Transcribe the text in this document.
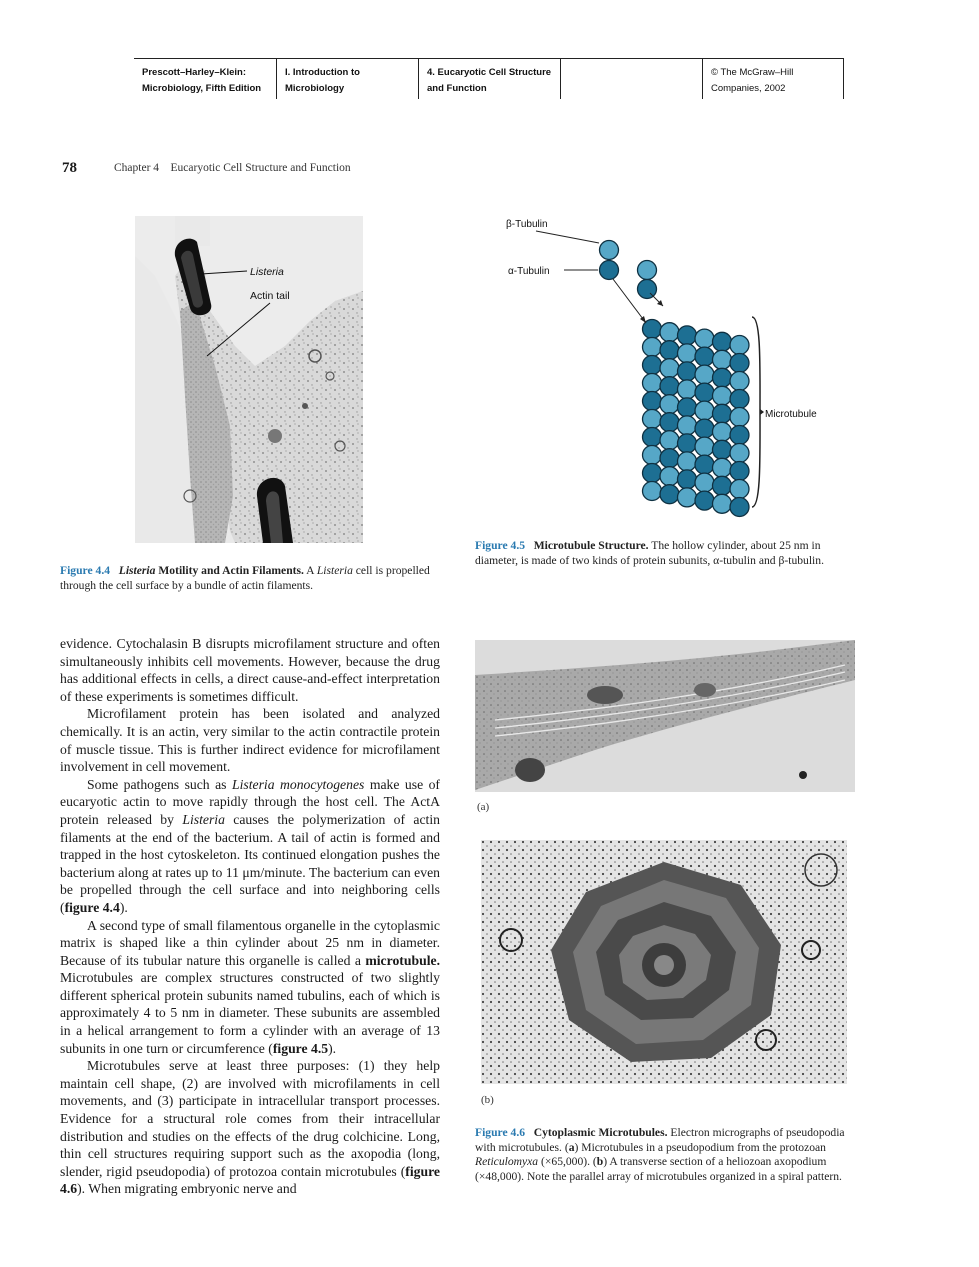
Prescott–Harley–Klein:
Microbiology, Fifth Edition
I. Introduction to
Microbiology
4. Eucaryotic Cell Structure
and Function
© The McGraw–Hill
Companies, 2002
78	Chapter 4    Eucaryotic Cell Structure and Function
Listeria
Actin tail

Figure 4.4 Listeria Motility and Actin Filaments. A Listeria cell is propelled through the cell surface by a bundle of actin filaments.

β-Tubulin
α-Tubulin
Microtubule

Figure 4.5 Microtubule Structure. The hollow cylinder, about 25 nm in diameter, is made of two kinds of protein subunits, α-tubulin and β-tubulin.

(a)
(b)

Figure 4.6 Cytoplasmic Microtubules. Electron micrographs of pseudopodia with microtubules. (a) Microtubules in a pseudopodium from the protozoan Reticulomyxa (×65,000). (b) A transverse section of a heliozoan axopodium (×48,000). Note the parallel array of microtubules organized in a spiral pattern.

evidence. Cytochalasin B disrupts microfilament structure and often simultaneously inhibits cell movements. However, because the drug has additional effects in cells, a direct cause-and-effect interpretation of these experiments is sometimes difficult.

Microfilament protein has been isolated and analyzed chemically. It is an actin, very similar to the actin contractile protein of muscle tissue. This is further indirect evidence for microfilament involvement in cell movement.

Some pathogens such as Listeria monocytogenes make use of eucaryotic actin to move rapidly through the host cell. The ActA protein released by Listeria causes the polymerization of actin filaments at the end of the bacterium. A tail of actin is formed and trapped in the host cytoskeleton. Its continued elongation pushes the bacterium along at rates up to 11 μm/minute. The bacterium can even be propelled through the cell surface and into neighboring cells (figure 4.4).

A second type of small filamentous organelle in the cytoplasmic matrix is shaped like a thin cylinder about 25 nm in diameter. Because of its tubular nature this organelle is called a microtubule. Microtubules are complex structures constructed of two slightly different spherical protein subunits named tubulins, each of which is approximately 4 to 5 nm in diameter. These subunits are assembled in a helical arrangement to form a cylinder with an average of 13 subunits in one turn or circumference (figure 4.5).

Microtubules serve at least three purposes: (1) they help maintain cell shape, (2) are involved with microfilaments in cell movements, and (3) participate in intracellular transport processes. Evidence for a structural role comes from their intracellular distribution and studies on the effects of the drug colchicine. Long, thin cell structures requiring support such as the axopodia (long, slender, rigid pseudopodia) of protozoa contain microtubules (figure 4.6). When migrating embryonic nerve and
